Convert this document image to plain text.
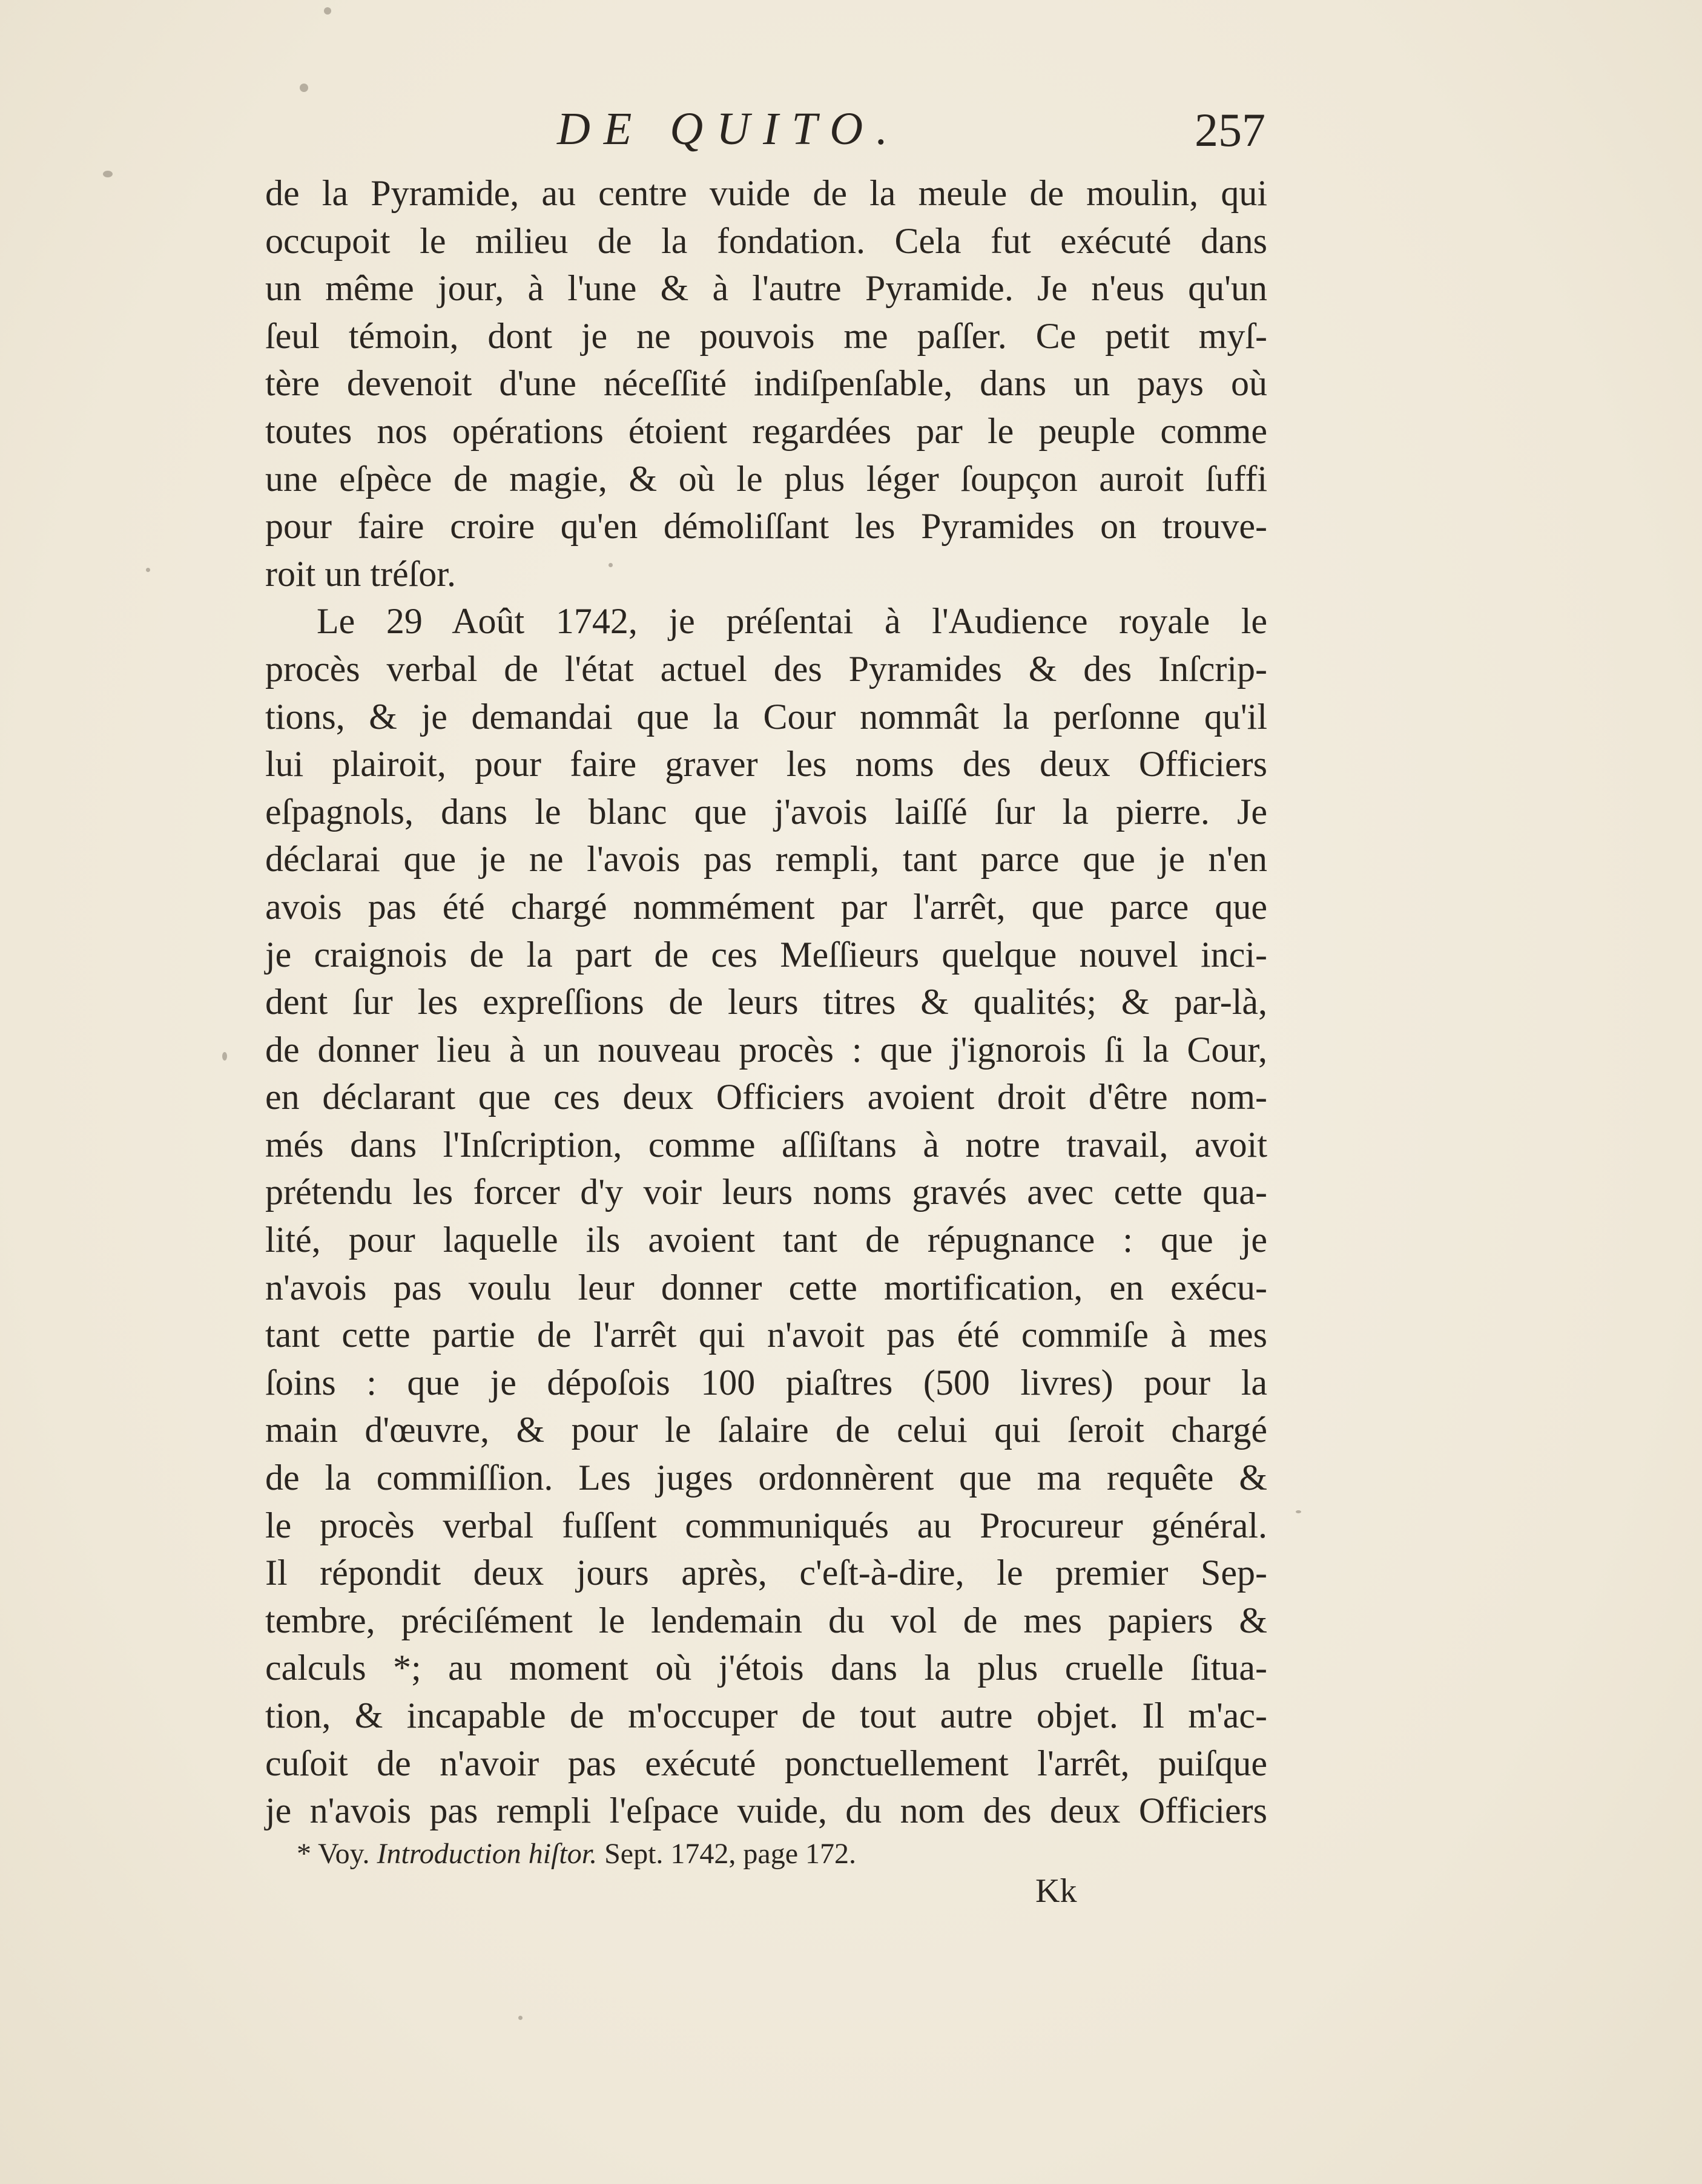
DE QUITO.	257
de la Pyramide, au centre vuide de la meule de moulin, qui
occupoit le milieu de la fondation. Cela fut exécuté dans
un même jour, à l'une & à l'autre Pyramide. Je n'eus qu'un
ſeul témoin, dont je ne pouvois me paſſer. Ce petit myſ-
tère devenoit d'une néceſſité indiſpenſable, dans un pays où
toutes nos opérations étoient regardées par le peuple comme
une eſpèce de magie, & où le plus léger ſoupçon auroit ſuffi
pour faire croire qu'en démoliſſant les Pyramides on trouve-
roit un tréſor.
Le 29 Août 1742, je préſentai à l'Audience royale le
procès verbal de l'état actuel des Pyramides & des Inſcrip-
tions, & je demandai que la Cour nommât la perſonne qu'il
lui plairoit, pour faire graver les noms des deux Officiers
eſpagnols, dans le blanc que j'avois laiſſé ſur la pierre. Je
déclarai que je ne l'avois pas rempli, tant parce que je n'en
avois pas été chargé nommément par l'arrêt, que parce que
je craignois de la part de ces Meſſieurs quelque nouvel inci-
dent ſur les expreſſions de leurs titres & qualités; & par-là,
de donner lieu à un nouveau procès : que j'ignorois ſi la Cour,
en déclarant que ces deux Officiers avoient droit d'être nom-
més dans l'Inſcription, comme aſſiſtans à notre travail, avoit
prétendu les forcer d'y voir leurs noms gravés avec cette qua-
lité, pour laquelle ils avoient tant de répugnance : que je
n'avois pas voulu leur donner cette mortification, en exécu-
tant cette partie de l'arrêt qui n'avoit pas été commiſe à mes
ſoins : que je dépoſois 100 piaſtres (500 livres) pour la
main d'œuvre, & pour le ſalaire de celui qui ſeroit chargé
de la commiſſion. Les juges ordonnèrent que ma requête &
le procès verbal fuſſent communiqués au Procureur général.
Il répondit deux jours après, c'eſt-à-dire, le premier Sep-
tembre, préciſément le lendemain du vol de mes papiers &
calculs *; au moment où j'étois dans la plus cruelle ſitua-
tion, & incapable de m'occuper de tout autre objet. Il m'ac-
cuſoit de n'avoir pas exécuté ponctuellement l'arrêt, puiſque
je n'avois pas rempli l'eſpace vuide, du nom des deux Officiers
* Voy. Introduction hiſtor. Sept. 1742, page 172.
Kk
